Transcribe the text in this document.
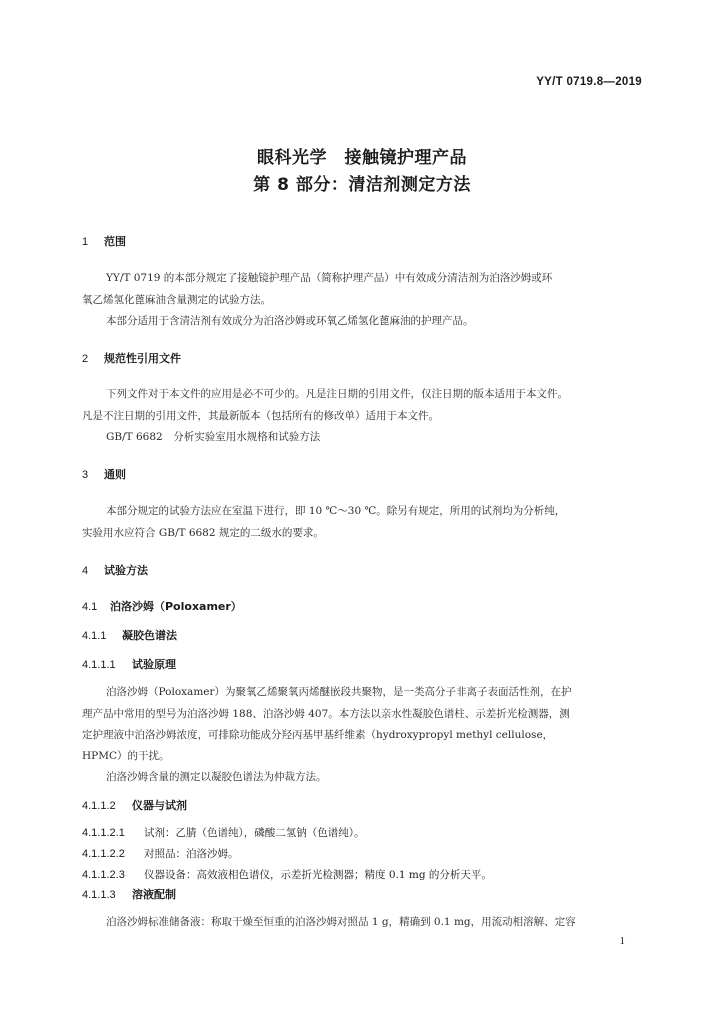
YY/T 0719.8—2019
眼科光学　接触镜护理产品
第 8 部分：清洁剂测定方法
1 范围
YY/T 0719 的本部分规定了接触镜护理产品（简称护理产品）中有效成分清洁剂为泊洛沙姆或环
氧乙烯氢化蓖麻油含量测定的试验方法。
本部分适用于含清洁剂有效成分为泊洛沙姆或环氧乙烯氢化蓖麻油的护理产品。
2 规范性引用文件
下列文件对于本文件的应用是必不可少的。凡是注日期的引用文件，仅注日期的版本适用于本文件。
凡是不注日期的引用文件，其最新版本（包括所有的修改单）适用于本文件。
GB/T 6682　分析实验室用水规格和试验方法
3 通则
本部分规定的试验方法应在室温下进行，即 10 ℃～30 ℃。除另有规定，所用的试剂均为分析纯，
实验用水应符合 GB/T 6682 规定的二级水的要求。
4 试验方法
4.1 泊洛沙姆（Poloxamer）
4.1.1 凝胶色谱法
4.1.1.1 试验原理
泊洛沙姆（Poloxamer）为聚氧乙烯聚氧丙烯醚嵌段共聚物，是一类高分子非离子表面活性剂，在护
理产品中常用的型号为泊洛沙姆 188、泊洛沙姆 407。本方法以亲水性凝胶色谱柱、示差折光检测器，测
定护理液中泊洛沙姆浓度，可排除功能成分羟丙基甲基纤维素（hydroxypropyl methyl cellulose，
HPMC）的干扰。
泊洛沙姆含量的测定以凝胶色谱法为仲裁方法。
4.1.1.2 仪器与试剂
4.1.1.2.1 试剂：乙腈（色谱纯），磷酸二氢钠（色谱纯）。
4.1.1.2.2 对照品：泊洛沙姆。
4.1.1.2.3 仪器设备：高效液相色谱仪，示差折光检测器；精度 0.1 mg 的分析天平。
4.1.1.3 溶液配制
泊洛沙姆标准储备液：称取干燥至恒重的泊洛沙姆对照品 1 g，精确到 0.1 mg，用流动相溶解、定容
1
